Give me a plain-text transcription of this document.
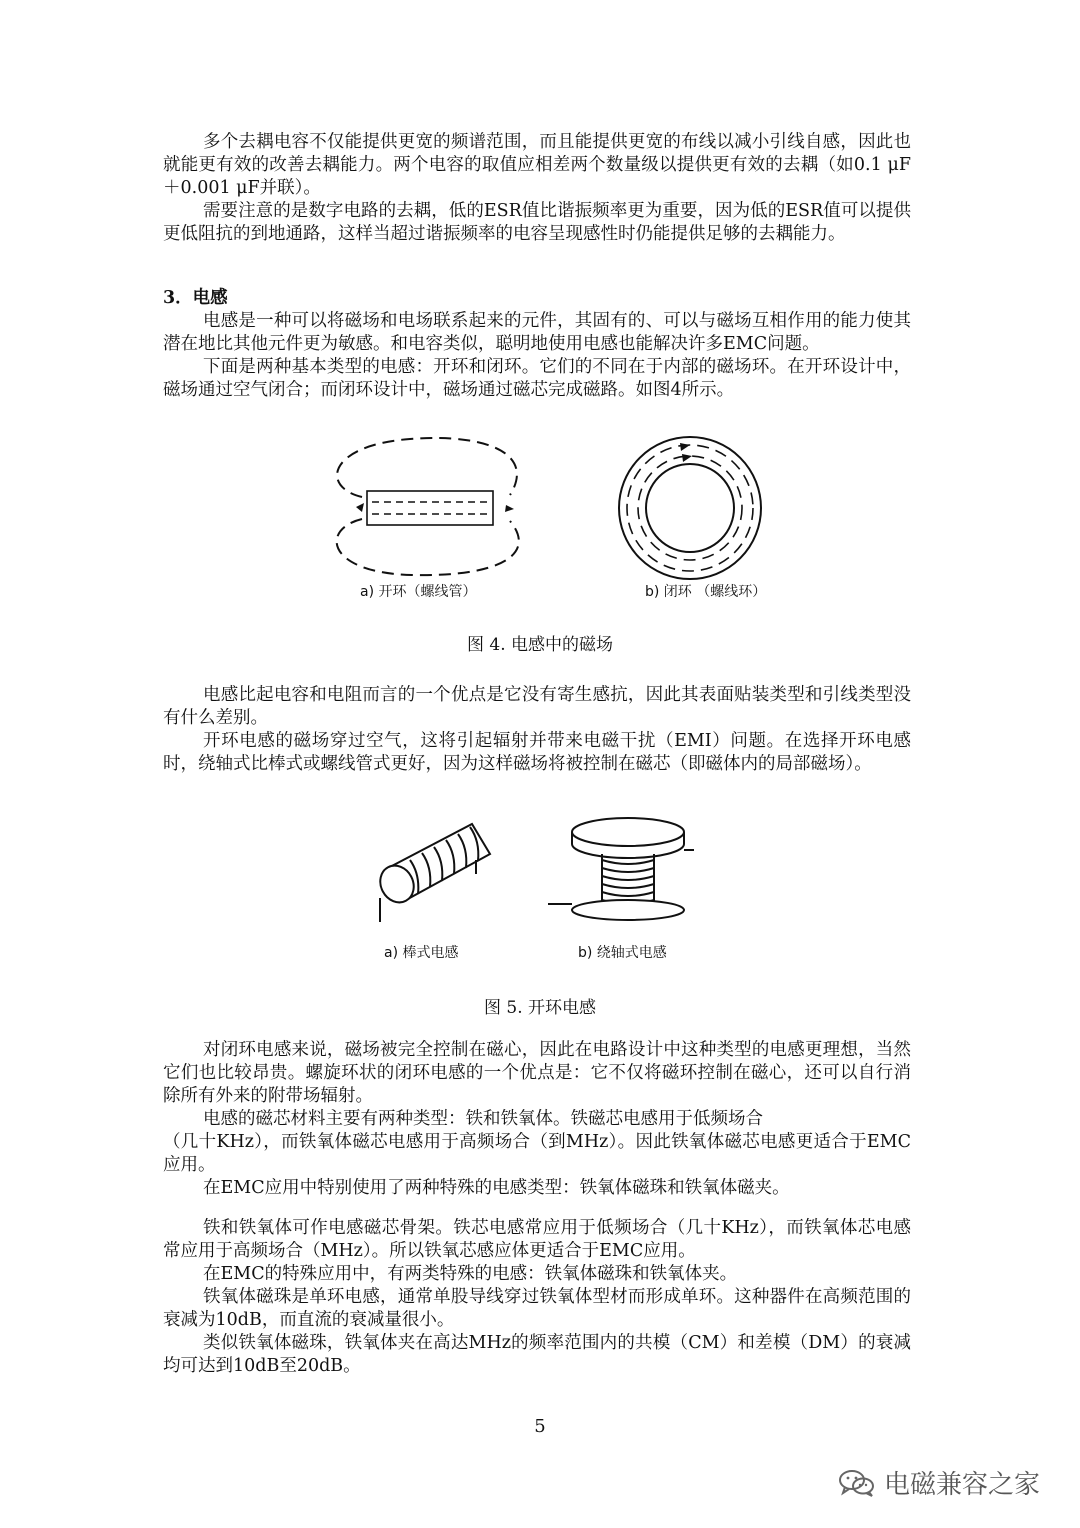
多个去耦电容不仅能提供更宽的频谱范围，而且能提供更宽的布线以减小引线自感，因此也就能更有效的改善去耦能力。两个电容的取值应相差两个数量级以提供更有效的去耦（如0.1 μF＋0.001 μF并联）。

需要注意的是数字电路的去耦，低的ESR值比谐振频率更为重要，因为低的ESR值可以提供更低阻抗的到地通路，这样当超过谐振频率的电容呈现感性时仍能提供足够的去耦能力。

3．电感

电感是一种可以将磁场和电场联系起来的元件，其固有的、可以与磁场互相作用的能力使其潜在地比其他元件更为敏感。和电容类似，聪明地使用电感也能解决许多EMC问题。

下面是两种基本类型的电感：开环和闭环。它们的不同在于内部的磁场环。在开环设计中，磁场通过空气闭合；而闭环设计中，磁场通过磁芯完成磁路。如图4所示。

a) 开环（螺线管）	b) 闭环 （螺线环）
图 4. 电感中的磁场

电感比起电容和电阻而言的一个优点是它没有寄生感抗，因此其表面贴装类型和引线类型没有什么差别。

开环电感的磁场穿过空气，这将引起辐射并带来电磁干扰（EMI）问题。在选择开环电感时，绕轴式比棒式或螺线管式更好，因为这样磁场将被控制在磁芯（即磁体内的局部磁场）。

a) 棒式电感	b) 绕轴式电感
图 5. 开环电感

对闭环电感来说，磁场被完全控制在磁心，因此在电路设计中这种类型的电感更理想，当然它们也比较昂贵。螺旋环状的闭环电感的一个优点是：它不仅将磁环控制在磁心，还可以自行消除所有外来的附带场辐射。

电感的磁芯材料主要有两种类型：铁和铁氧体。铁磁芯电感用于低频场合

（几十KHz），而铁氧体磁芯电感用于高频场合（到MHz）。因此铁氧体磁芯电感更适合于EMC应用。

在EMC应用中特别使用了两种特殊的电感类型：铁氧体磁珠和铁氧体磁夹。

铁和铁氧体可作电感磁芯骨架。铁芯电感常应用于低频场合（几十KHz），而铁氧体芯电感常应用于高频场合（MHz）。所以铁氧芯感应体更适合于EMC应用。

在EMC的特殊应用中，有两类特殊的电感：铁氧体磁珠和铁氧体夹。

铁氧体磁珠是单环电感，通常单股导线穿过铁氧体型材而形成单环。这种器件在高频范围的衰减为10dB，而直流的衰减量很小。

类似铁氧体磁珠，铁氧体夹在高达MHz的频率范围内的共模（CM）和差模（DM）的衰减均可达到10dB至20dB。

5
电磁兼容之家
